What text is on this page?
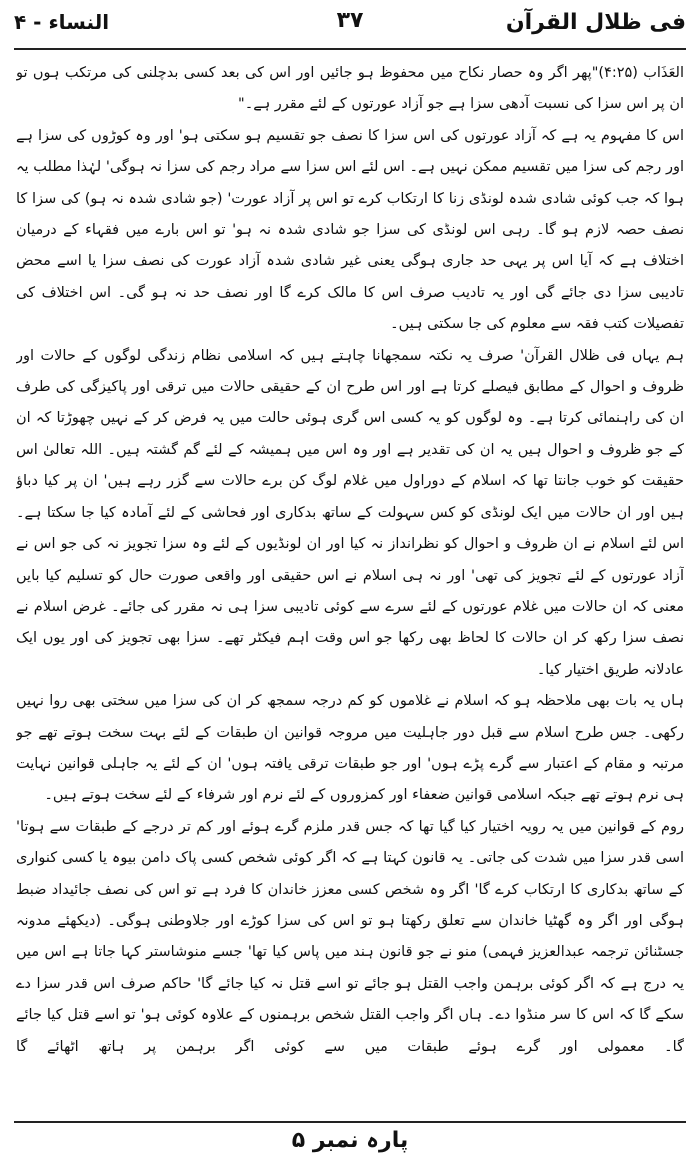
فی ظلال القرآن
۳۷
النساء - ۴

العَذَاب (۴:۲۵)"پھر اگر وہ حصار نکاح میں محفوظ ہو جائیں اور اس کی بعد کسی بدچلنی کی مرتکب ہوں تو ان پر اس سزا کی نسبت آدھی سزا ہے جو آزاد عورتوں کے لئے مقرر ہے۔"

اس کا مفہوم یہ ہے کہ آزاد عورتوں کی اس سزا کا نصف جو تقسیم ہو سکتی ہو' اور وہ کوڑوں کی سزا ہے اور رجم کی سزا میں تقسیم ممکن نہیں ہے۔ اس لئے اس سزا سے مراد رجم کی سزا نہ ہوگی' لہٰذا مطلب یہ ہوا کہ جب کوئی شادی شدہ لونڈی زنا کا ارتکاب کرے تو اس پر آزاد عورت' (جو شادی شدہ نہ ہو) کی سزا کا نصف حصہ لازم ہو گا۔ رہی اس لونڈی کی سزا جو شادی شدہ نہ ہو' تو اس بارے میں فقہاء کے درمیان اختلاف ہے کہ آیا اس پر یہی حد جاری ہوگی یعنی غیر شادی شدہ آزاد عورت کی نصف سزا یا اسے محض تادیبی سزا دی جائے گی اور یہ تادیب صرف اس کا مالک کرے گا اور نصف حد نہ ہو گی۔ اس اختلاف کی تفصیلات کتب فقہ سے معلوم کی جا سکتی ہیں۔

ہم یہاں فی ظلال القرآن' صرف یہ نکتہ سمجھانا چاہتے ہیں کہ اسلامی نظام زندگی لوگوں کے حالات اور ظروف و احوال کے مطابق فیصلے کرتا ہے اور اس طرح ان کے حقیقی حالات میں ترقی اور پاکیزگی کی طرف ان کی راہنمائی کرتا ہے۔ وہ لوگوں کو یہ کسی اس گری ہوئی حالت میں یہ فرض کر کے نہیں چھوڑتا کہ ان کے جو ظروف و احوال ہیں یہ ان کی تقدیر ہے اور وہ اس میں ہمیشہ کے لئے گم گشتہ ہیں۔ اللہ تعالیٰ اس حقیقت کو خوب جانتا تھا کہ اسلام کے دوراول میں غلام لوگ کن برے حالات سے گزر رہے ہیں' ان پر کیا دباؤ ہیں اور ان حالات میں ایک لونڈی کو کس سہولت کے ساتھ بدکاری اور فحاشی کے لئے آمادہ کیا جا سکتا ہے۔ اس لئے اسلام نے ان ظروف و احوال کو نظرانداز نہ کیا اور ان لونڈیوں کے لئے وہ سزا تجویز نہ کی جو اس نے آزاد عورتوں کے لئے تجویز کی تھی' اور نہ ہی اسلام نے اس حقیقی اور واقعی صورت حال کو تسلیم کیا بایں معنی کہ ان حالات میں غلام عورتوں کے لئے سرے سے کوئی تادیبی سزا ہی نہ مقرر کی جائے۔ غرض اسلام نے نصف سزا رکھ کر ان حالات کا لحاظ بھی رکھا جو اس وقت اہم فیکٹر تھے۔ سزا بھی تجویز کی اور یوں ایک عادلانہ طریق اختیار کیا۔

ہاں یہ بات بھی ملاحظہ ہو کہ اسلام نے غلاموں کو کم درجہ سمجھ کر ان کی سزا میں سختی بھی روا نہیں رکھی۔ جس طرح اسلام سے قبل دور جاہلیت میں مروجہ قوانین ان طبقات کے لئے بہت سخت ہوتے تھے جو مرتبہ و مقام کے اعتبار سے گرے پڑے ہوں' اور جو طبقات ترقی یافتہ ہوں' ان کے لئے یہ جاہلی قوانین نہایت ہی نرم ہوتے تھے جبکہ اسلامی قوانین ضعفاء اور کمزوروں کے لئے نرم اور شرفاء کے لئے سخت ہوتے ہیں۔

روم کے قوانین میں یہ رویہ اختیار کیا گیا تھا کہ جس قدر ملزم گرے ہوئے اور کم تر درجے کے طبقات سے ہوتا' اسی قدر سزا میں شدت کی جاتی۔ یہ قانون کہتا ہے کہ اگر کوئی شخص کسی پاک دامن بیوہ یا کسی کنواری کے ساتھ بدکاری کا ارتکاب کرے گا' اگر وہ شخص کسی معزز خاندان کا فرد ہے تو اس کی نصف جائیداد ضبط ہوگی اور اگر وہ گھٹیا خاندان سے تعلق رکھتا ہو تو اس کی سزا کوڑے اور جلاوطنی ہوگی۔ (دیکھئے مدونہ جسٹنائن ترجمہ عبدالعزیز فہمی) منو نے جو قانون ہند میں پاس کیا تھا' جسے منوشاستر کہا جاتا ہے اس میں یہ درج ہے کہ اگر کوئی برہمن واجب القتل ہو جائے تو اسے قتل نہ کیا جائے گا' حاکم صرف اس قدر سزا دے سکے گا کہ اس کا سر منڈوا دے۔ ہاں اگر واجب القتل شخص برہمنوں کے علاوہ کوئی ہو' تو اسے قتل کیا جائے گا۔ معمولی اور گرے ہوئے طبقات میں سے کوئی اگر برہمن پر ہاتھ اٹھائے گا

پارہ نمبر ۵
